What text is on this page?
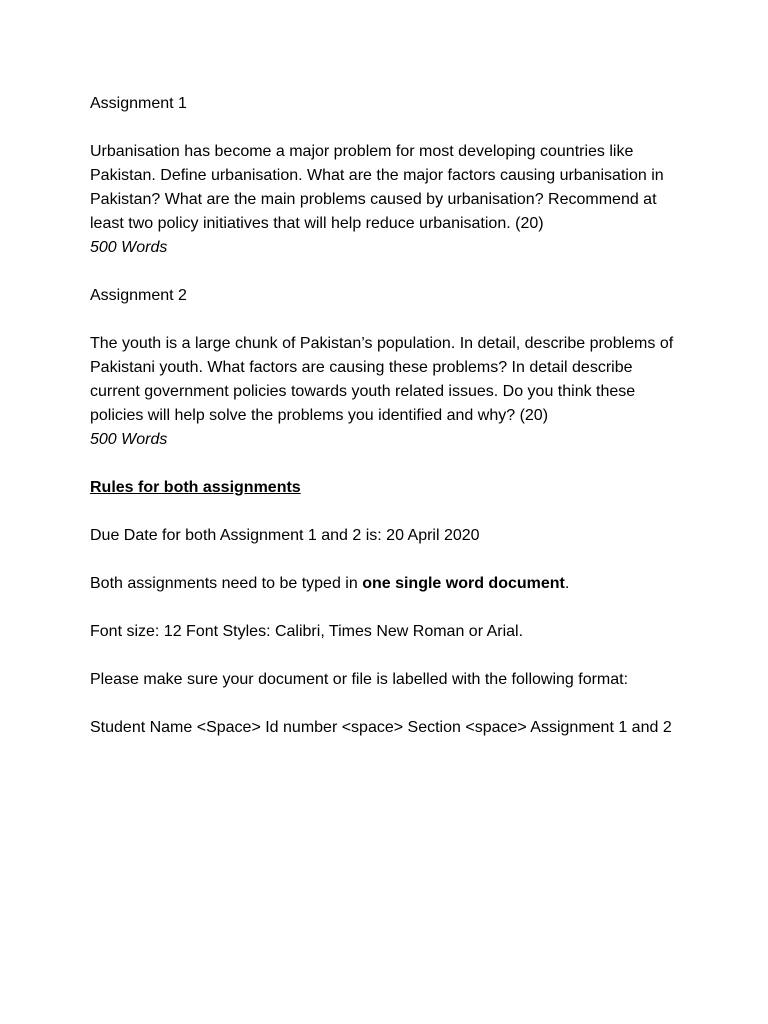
Assignment 1

Urbanisation has become a major problem for most developing countries like Pakistan. Define urbanisation. What are the major factors causing urbanisation in Pakistan? What are the main problems caused by urbanisation? Recommend at least two policy initiatives that will help reduce urbanisation. (20)

500 Words

Assignment 2

The youth is a large chunk of Pakistan’s population. In detail, describe problems of Pakistani youth. What factors are causing these problems? In detail describe current government policies towards youth related issues. Do you think these policies will help solve the problems you identified and why? (20)

500 Words

Rules for both assignments

Due Date for both Assignment 1 and 2 is: 20 April 2020

Both assignments need to be typed in one single word document.

Font size: 12 Font Styles: Calibri, Times New Roman or Arial.

Please make sure your document or file is labelled with the following format:

Student Name <Space> Id number <space> Section <space> Assignment 1 and 2
